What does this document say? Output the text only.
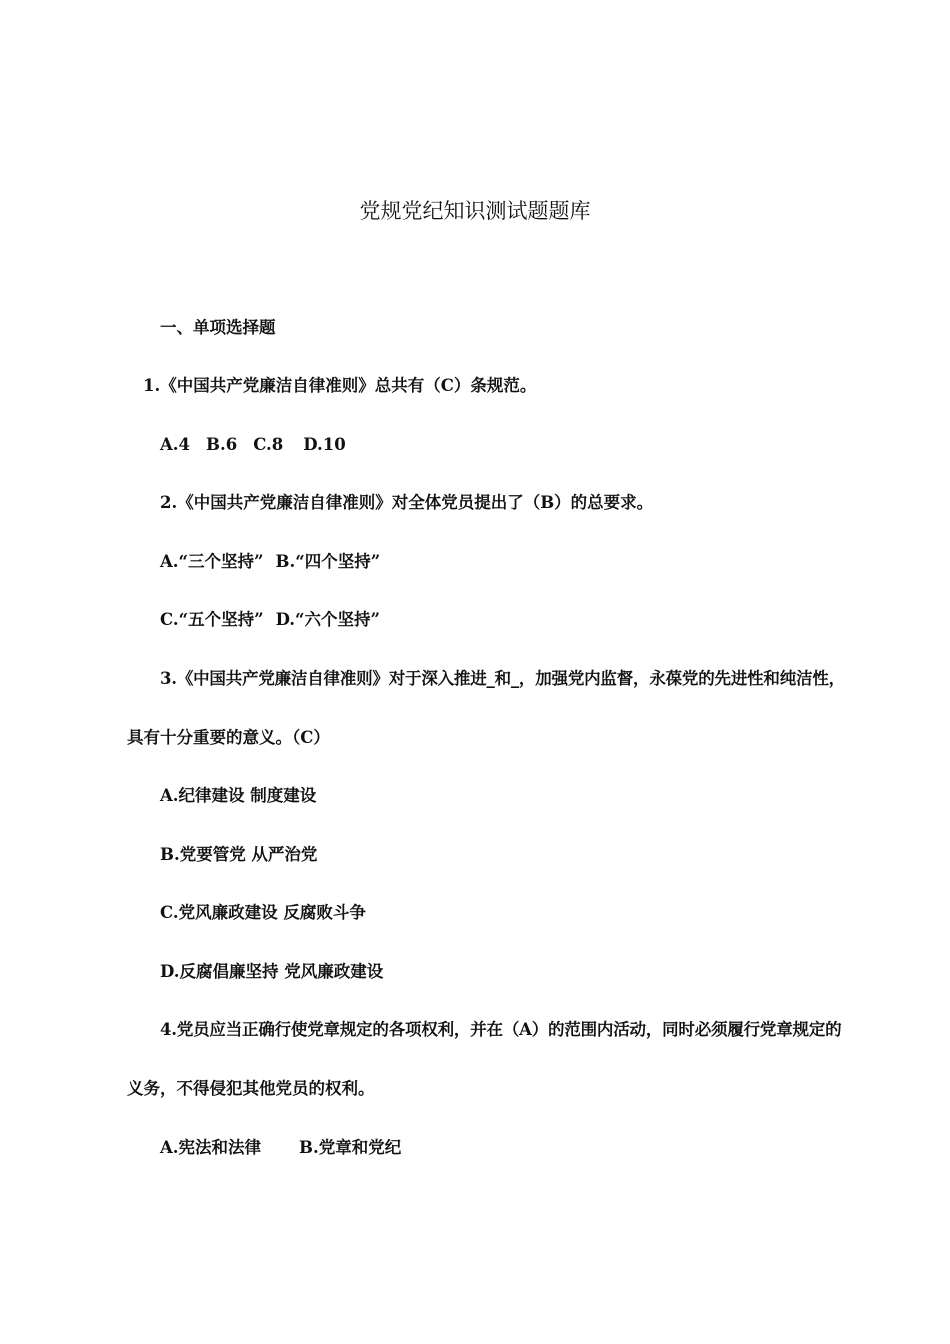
党规党纪知识测试题题库
一、单项选择题
1.《中国共产党廉洁自律准则》总共有（C）条规范。
A.4 B.6 C.8 D.10
2.《中国共产党廉洁自律准则》对全体党员提出了（B）的总要求。
A.“三个坚持” B.“四个坚持”
C.“五个坚持” D.“六个坚持”
3.《中国共产党廉洁自律准则》对于深入推进_和_，加强党内监督，永葆党的先进性和纯洁性，
具有十分重要的意义。（C）
A.纪律建设 制度建设
B.党要管党 从严治党
C.党风廉政建设 反腐败斗争
D.反腐倡廉坚持 党风廉政建设
4.党员应当正确行使党章规定的各项权利，并在（A）的范围内活动，同时必须履行党章规定的
义务，不得侵犯其他党员的权利。
A.宪法和法律 B.党章和党纪
